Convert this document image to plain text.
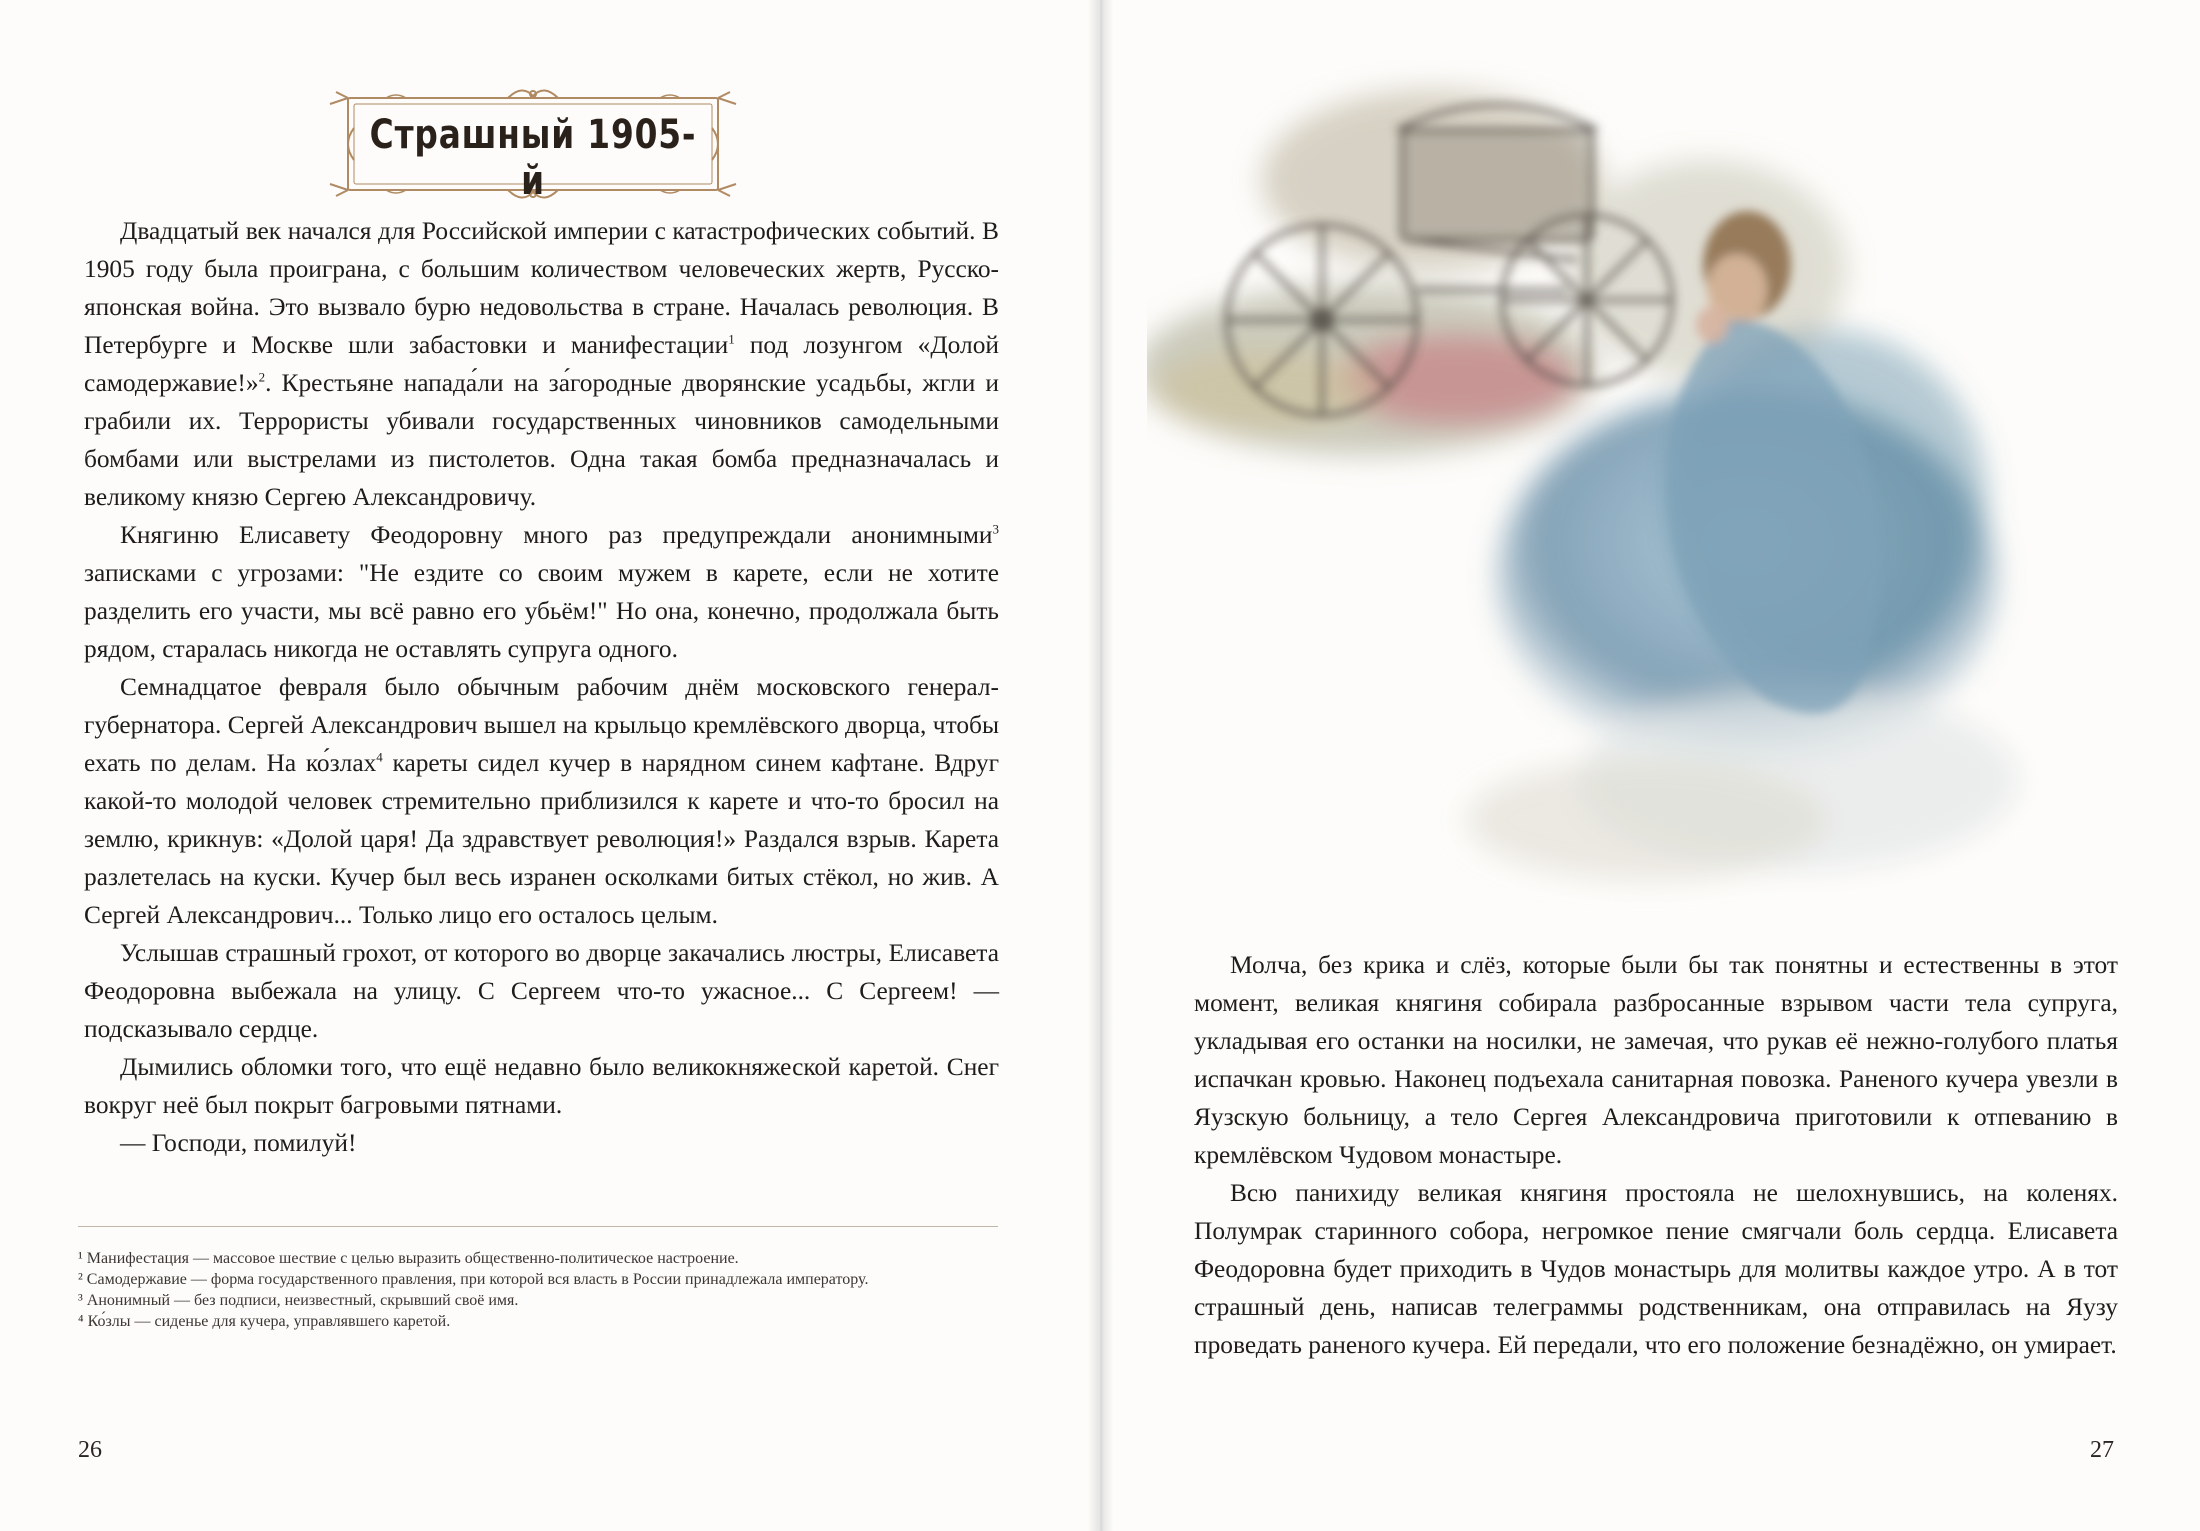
Страшный 1905-й

Двадцатый век начался для Российской империи с катастрофических событий. В 1905 году была проиграна, с большим количеством человеческих жертв, Русско-японская война. Это вызвало бурю недовольства в стране. Началась революция. В Петербурге и Москве шли забастовки и манифестации$^1$ под лозунгом «Долой самодержавие!»$^2$. Крестьяне напада́ли на за́городные дворянские усадьбы, жгли и грабили их. Террористы убивали государственных чиновников самодельными бомбами или выстрелами из пистолетов. Одна такая бомба предназначалась и великому князю Сергею Александровичу.

Княгиню Елисавету Феодоровну много раз предупреждали анонимными$^3$ записками с угрозами: "Не ездите со своим мужем в карете, если не хотите разделить его участи, мы всё равно его убьём!" Но она, конечно, продолжала быть рядом, старалась никогда не оставлять супруга одного.

Семнадцатое февраля было обычным рабочим днём московского генерал-губернатора. Сергей Александрович вышел на крыльцо кремлёвского дворца, чтобы ехать по делам. На ко́злах$^4$ кареты сидел кучер в нарядном синем кафтане. Вдруг какой-то молодой человек стремительно приблизился к карете и что-то бросил на землю, крикнув: «Долой царя! Да здравствует революция!» Раздался взрыв. Карета разлетелась на куски. Кучер был весь изранен осколками битых стёкол, но жив. А Сергей Александрович... Только лицо его осталось целым.

Услышав страшный грохот, от которого во дворце закачались люстры, Елисавета Феодоровна выбежала на улицу. С Сергеем что-то ужасное... С Сергеем! — подсказывало сердце.

Дымились обломки того, что ещё недавно было великокняжеской каретой. Снег вокруг неё был покрыт багровыми пятнами.

— Господи, помилуй!

¹ Манифестация — массовое шествие с целью выразить общественно-политическое настроение.
² Самодержавие — форма государственного правления, при которой вся власть в России принадлежала императору.
³ Анонимный — без подписи, неизвестный, скрывший своё имя.
⁴ Ко́злы — сиденье для кучера, управлявшего каретой.
26

Молча, без крика и слёз, которые были бы так понятны и естественны в этот момент, великая княгиня собирала разбросанные взрывом части тела супруга, укладывая его останки на носилки, не замечая, что рукав её нежно-голубого платья испачкан кровью. Наконец подъехала санитарная повозка. Раненого кучера увезли в Яузскую больницу, а тело Сергея Александровича приготовили к отпеванию в кремлёвском Чудовом монастыре.

Всю панихиду великая княгиня простояла не шелохнувшись, на коленях. Полумрак старинного собора, негромкое пение смягчали боль сердца. Елисавета Феодоровна будет приходить в Чудов монастырь для молитвы каждое утро. А в тот страшный день, написав телеграммы родственникам, она отправилась на Яузу проведать раненого кучера. Ей передали, что его положение безнадёжно, он умирает.

27
